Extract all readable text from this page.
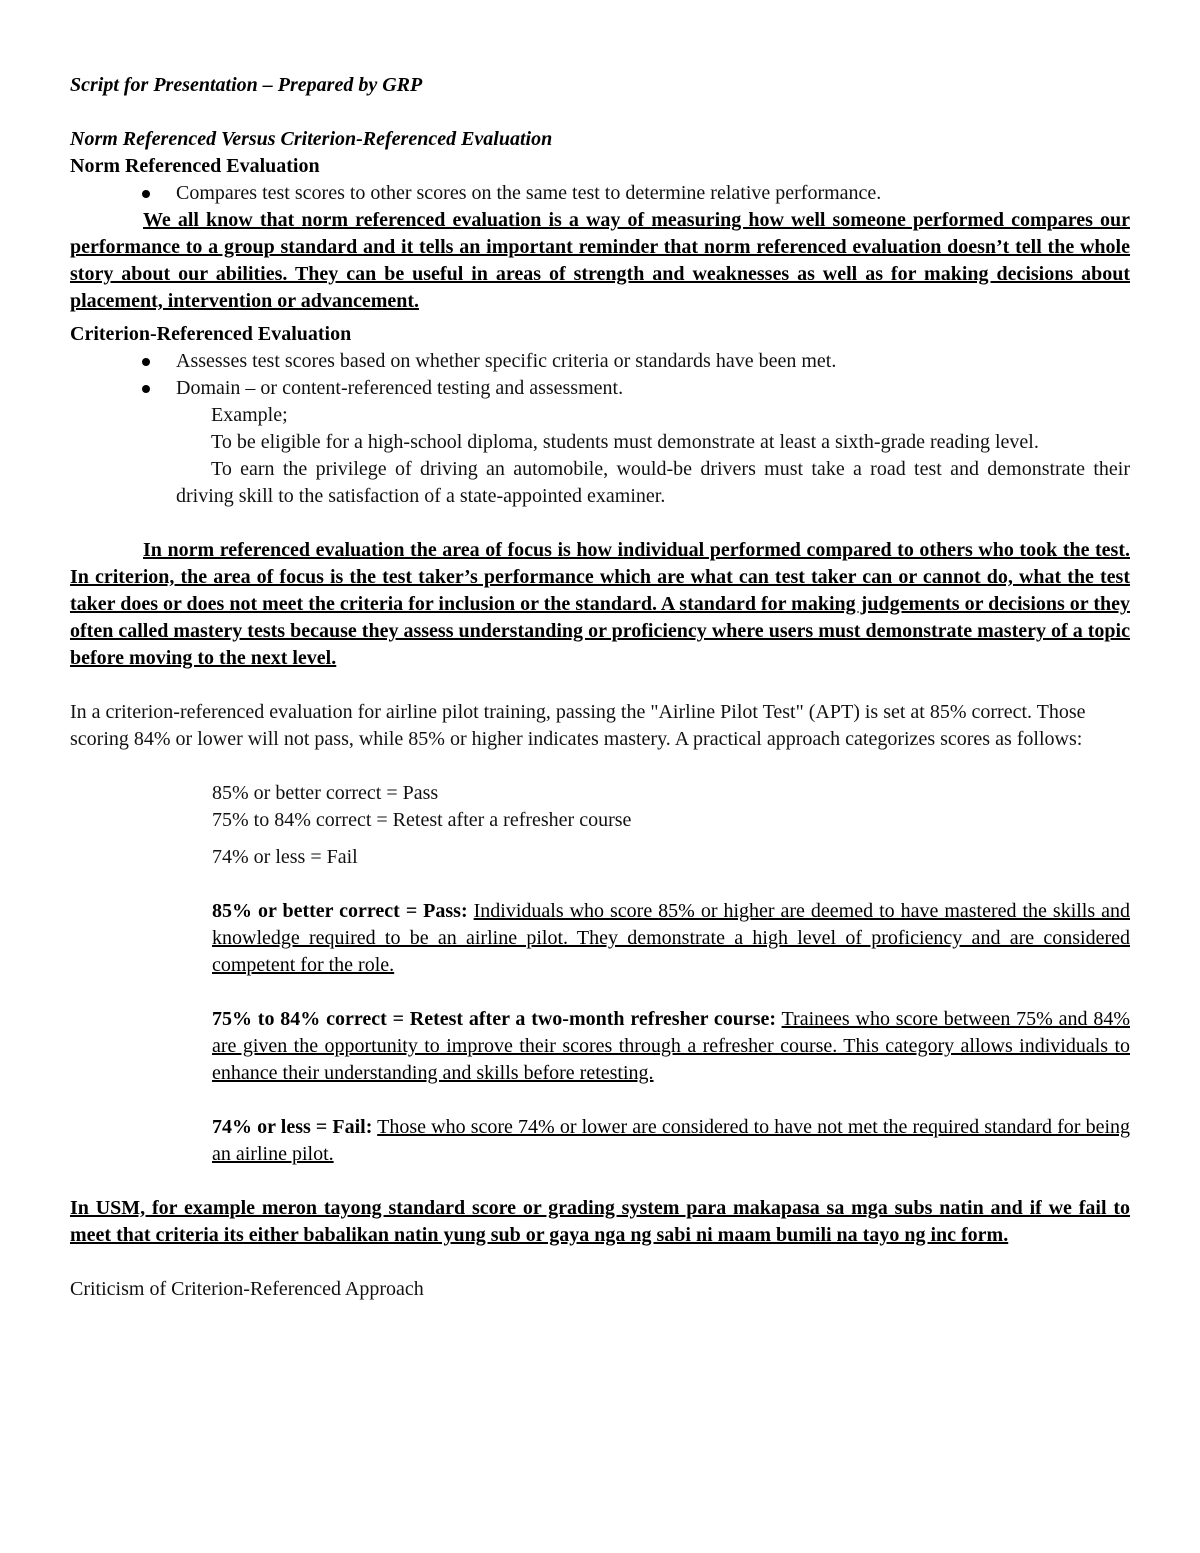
Script for Presentation – Prepared by GRP

Norm Referenced Versus Criterion-Referenced Evaluation

Norm Referenced Evaluation

Compares test scores to other scores on the same test to determine relative performance.

We all know that norm referenced evaluation is a way of measuring how well someone performed compares our performance to a group standard and it tells an important reminder that norm referenced evaluation doesn’t tell the whole story about our abilities. They can be useful in areas of strength and weaknesses as well as for making decisions about placement, intervention or advancement.

Criterion-Referenced Evaluation

Assesses test scores based on whether specific criteria or standards have been met.

Domain – or content-referenced testing and assessment.

Example;

To be eligible for a high-school diploma, students must demonstrate at least a sixth-grade reading level.

To earn the privilege of driving an automobile, would-be drivers must take a road test and demonstrate their driving skill to the satisfaction of a state-appointed examiner.

In norm referenced evaluation the area of focus is how individual performed compared to others who took the test. In criterion, the area of focus is the test taker’s performance which are what can test taker can or cannot do, what the test taker does or does not meet the criteria for inclusion or the standard. A standard for making judgements or decisions or they often called mastery tests because they assess understanding or proficiency where users must demonstrate mastery of a topic before moving to the next level.

In a criterion-referenced evaluation for airline pilot training, passing the "Airline Pilot Test" (APT) is set at 85% correct. Those scoring 84% or lower will not pass, while 85% or higher indicates mastery. A practical approach categorizes scores as follows:

85% or better correct = Pass

75% to 84% correct = Retest after a refresher course

74% or less = Fail

85% or better correct = Pass: Individuals who score 85% or higher are deemed to have mastered the skills and knowledge required to be an airline pilot. They demonstrate a high level of proficiency and are considered competent for the role.

75% to 84% correct = Retest after a two-month refresher course: Trainees who score between 75% and 84% are given the opportunity to improve their scores through a refresher course. This category allows individuals to enhance their understanding and skills before retesting.

74% or less = Fail: Those who score 74% or lower are considered to have not met the required standard for being an airline pilot.

In USM, for example meron tayong standard score or grading system para makapasa sa mga subs natin and if we fail to meet that criteria its either babalikan natin yung sub or gaya nga ng sabi ni maam bumili na tayo ng inc form.

Criticism of Criterion-Referenced Approach
